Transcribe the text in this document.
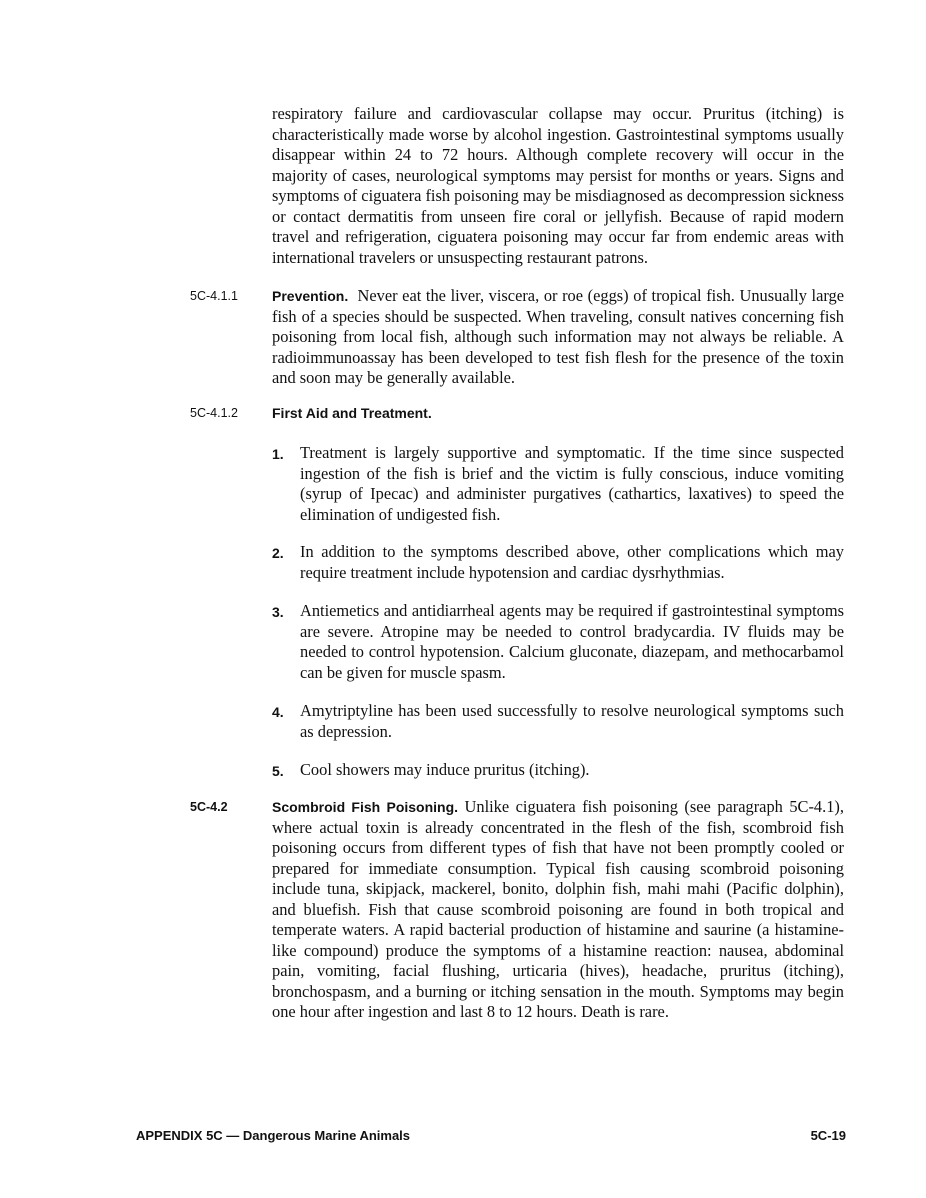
respiratory failure and cardiovascular collapse may occur. Pruritus (itching) is characteristically made worse by alcohol ingestion. Gastrointestinal symptoms usually disappear within 24 to 72 hours. Although complete recovery will occur in the majority of cases, neurological symptoms may persist for months or years. Signs and symptoms of ciguatera fish poisoning may be misdiagnosed as decompression sickness or contact dermatitis from unseen fire coral or jellyfish. Because of rapid modern travel and refrigeration, ciguatera poisoning may occur far from endemic areas with international travelers or unsuspecting restaurant patrons.

5C-4.1.1 Prevention. Never eat the liver, viscera, or roe (eggs) of tropical fish. Unusually large fish of a species should be suspected. When traveling, consult natives concerning fish poisoning from local fish, although such information may not always be reliable. A radioimmunoassay has been developed to test fish flesh for the presence of the toxin and soon may be generally available.

5C-4.1.2 First Aid and Treatment.
1. Treatment is largely supportive and symptomatic. If the time since suspected ingestion of the fish is brief and the victim is fully conscious, induce vomiting (syrup of Ipecac) and administer purgatives (cathartics, laxatives) to speed the elimination of undigested fish.

2. In addition to the symptoms described above, other complications which may require treatment include hypotension and cardiac dysrhythmias.

3. Antiemetics and antidiarrheal agents may be required if gastrointestinal symptoms are severe. Atropine may be needed to control bradycardia. IV fluids may be needed to control hypotension. Calcium gluconate, diazepam, and methocarbamol can be given for muscle spasm.

4. Amytriptyline has been used successfully to resolve neurological symptoms such as depression.

5. Cool showers may induce pruritus (itching).

5C-4.2	Scombroid Fish Poisoning. Unlike ciguatera fish poisoning (see paragraph 5C-4.1), where actual toxin is already concentrated in the flesh of the fish, scombroid fish poisoning occurs from different types of fish that have not been promptly cooled or prepared for immediate consumption. Typical fish causing scombroid poisoning include tuna, skipjack, mackerel, bonito, dolphin fish, mahi mahi (Pacific dolphin), and bluefish. Fish that cause scombroid poisoning are found in both tropical and temperate waters. A rapid bacterial production of histamine and saurine (a histamine-like compound) produce the symptoms of a histamine reaction: nausea, abdominal pain, vomiting, facial flushing, urticaria (hives), headache, pruritus (itching), bronchospasm, and a burning or itching sensation in the mouth. Symptoms may begin one hour after ingestion and last 8 to 12 hours. Death is rare.

APPENDIX 5C — Dangerous Marine Animals	5C-19
